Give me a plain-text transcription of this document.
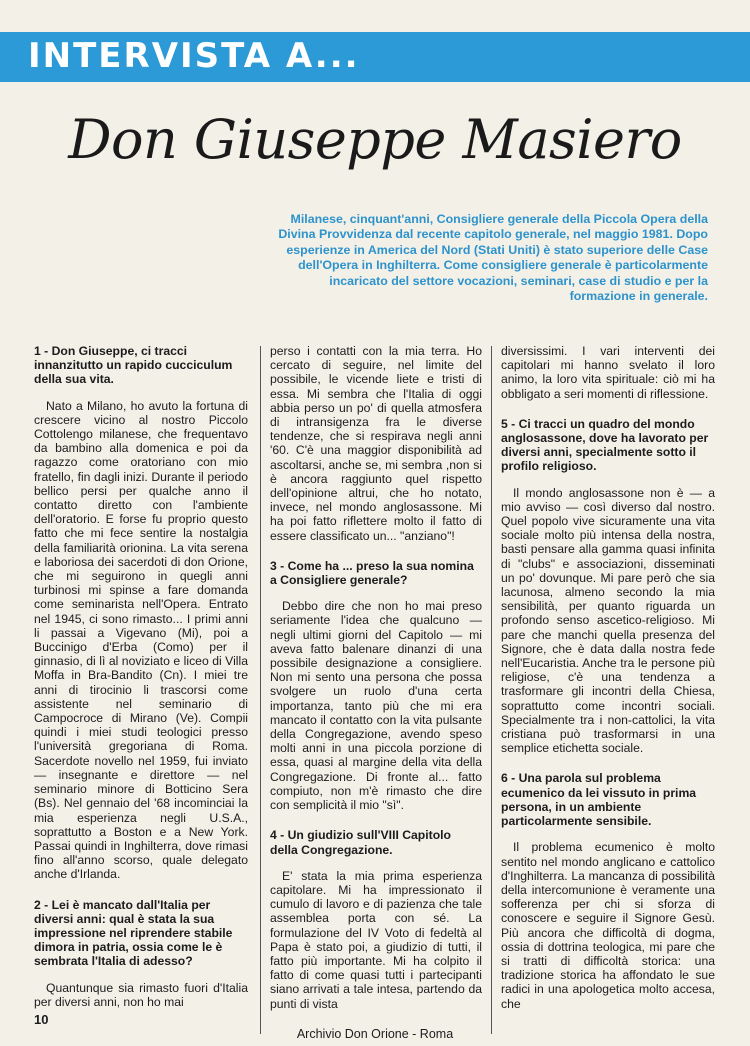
INTERVISTA A...
Don Giuseppe Masiero
Milanese, cinquant'anni, Consigliere generale della Piccola Opera della Divina Provvidenza dal recente capitolo generale, nel maggio 1981. Dopo esperienze in America del Nord (Stati Uniti) è stato superiore delle Case dell'Opera in Inghilterra. Come consigliere generale è particolarmente incaricato del settore vocazioni, seminari, case di studio e per la formazione in generale.
1 - Don Giuseppe, ci tracci innanzitutto un rapido cucciculum della sua vita.
Nato a Milano, ho avuto la fortuna di crescere vicino al nostro Piccolo Cottolengo milanese, che frequentavo da bambino alla domenica e poi da ragazzo come oratoriano con mio fratello, fin dagli inizi. Durante il periodo bellico persi per qualche anno il contatto diretto con l'ambiente dell'oratorio. E forse fu proprio questo fatto che mi fece sentire la nostalgia della familiarità orionina. La vita serena e laboriosa dei sacerdoti di don Orione, che mi seguirono in quegli anni turbinosi mi spinse a fare domanda come seminarista nell'Opera. Entrato nel 1945, ci sono rimasto... I primi anni li passai a Vigevano (Mi), poi a Buccinigo d'Erba (Como) per il ginnasio, di lì al noviziato e liceo di Villa Moffa in Bra-Bandito (Cn). I miei tre anni di tirocinio li trascorsi come assistente nel seminario di Campocroce di Mirano (Ve). Compii quindi i miei studi teologici presso l'università gregoriana di Roma. Sacerdote novello nel 1959, fui inviato — insegnante e direttore — nel seminario minore di Botticino Sera (Bs). Nel gennaio del '68 incominciai la mia esperienza negli U.S.A., soprattutto a Boston e a New York. Passai quindi in Inghilterra, dove rimasi fino all'anno scorso, quale delegato anche d'Irlanda.
2 - Lei è mancato dall'Italia per diversi anni: qual è stata la sua impressione nel riprendere stabile dimora in patria, ossia come le è sembrata l'Italia di adesso?
Quantunque sia rimasto fuori d'Italia per diversi anni, non ho mai
perso i contatti con la mia terra. Ho cercato di seguire, nel limite del possibile, le vicende liete e tristi di essa. Mi sembra che l'Italia di oggi abbia perso un po' di quella atmosfera di intransigenza fra le diverse tendenze, che si respirava negli anni '60. C'è una maggior disponibilità ad ascoltarsi, anche se, mi sembra ,non si è ancora raggiunto quel rispetto dell'opinione altrui, che ho notato, invece, nel mondo anglosassone. Mi ha poi fatto riflettere molto il fatto di essere classificato un... "anziano"!
3 - Come ha ... preso la sua nomina a Consigliere generale?
Debbo dire che non ho mai preso seriamente l'idea che qualcuno — negli ultimi giorni del Capitolo — mi aveva fatto balenare dinanzi di una possibile designazione a consigliere. Non mi sento una persona che possa svolgere un ruolo d'una certa importanza, tanto più che mi era mancato il contatto con la vita pulsante della Congregazione, avendo speso molti anni in una piccola porzione di essa, quasi al margine della vita della Congregazione. Di fronte al... fatto compiuto, non m'è rimasto che dire con semplicità il mio "sì".
4 - Un giudizio sull'VIII Capitolo della Congregazione.
E' stata la mia prima esperienza capitolare. Mi ha impressionato il cumulo di lavoro e di pazienza che tale assemblea porta con sé. La formulazione del IV Voto di fedeltà al Papa è stato poi, a giudizio di tutti, il fatto più importante. Mi ha colpito il fatto di come quasi tutti i partecipanti siano arrivati a tale intesa, partendo da punti di vista
diversissimi. I vari interventi dei capitolari mi hanno svelato il loro animo, la loro vita spirituale: ciò mi ha obbligato a seri momenti di riflessione.
5 - Ci tracci un quadro del mondo anglosassone, dove ha lavorato per diversi anni, specialmente sotto il profilo religioso.
Il mondo anglosassone non è — a mio avviso — così diverso dal nostro. Quel popolo vive sicuramente una vita sociale molto più intensa della nostra, basti pensare alla gamma quasi infinita di "clubs" e associazioni, disseminati un po' dovunque. Mi pare però che sia lacunosa, almeno secondo la mia sensibilità, per quanto riguarda un profondo senso ascetico-religioso. Mi pare che manchi quella presenza del Signore, che è data dalla nostra fede nell'Eucaristia. Anche tra le persone più religiose, c'è una tendenza a trasformare gli incontri della Chiesa, soprattutto come incontri sociali. Specialmente tra i non-cattolici, la vita cristiana può trasformarsi in una semplice etichetta sociale.
6 - Una parola sul problema ecumenico da lei vissuto in prima persona, in un ambiente particolarmente sensibile.
Il problema ecumenico è molto sentito nel mondo anglicano e cattolico d'Inghilterra. La mancanza di possibilità della intercomunione è veramente una sofferenza per chi si sforza di conoscere e seguire il Signore Gesù. Più ancora che difficoltà di dogma, ossia di dottrina teologica, mi pare che si tratti di difficoltà storica: una tradizione storica ha affondato le sue radici in una apologetica molto accesa, che
10
Archivio Don Orione - Roma
